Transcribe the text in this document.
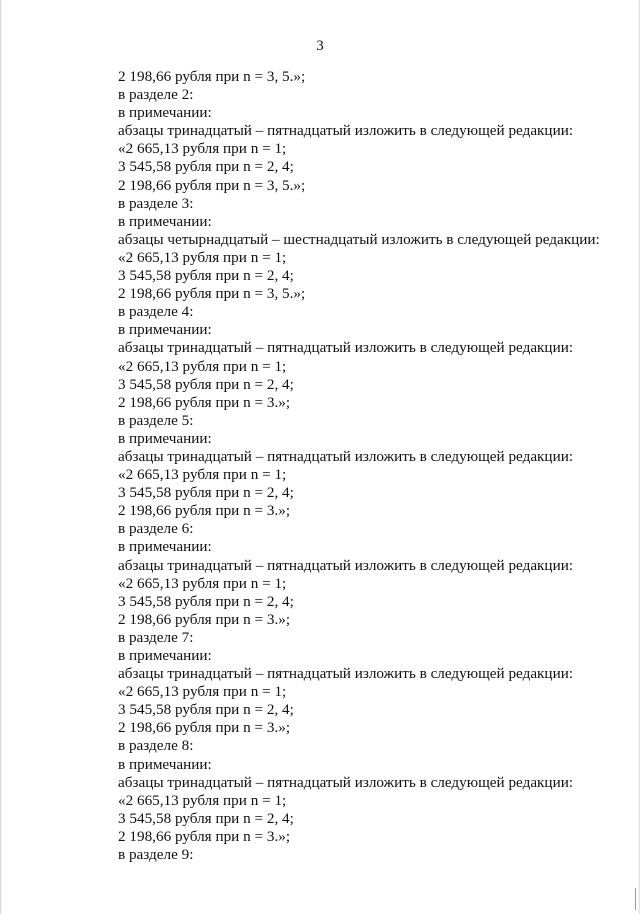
3
2 198,66 рубля при n = 3, 5.»;
в разделе 2:
в примечании:
абзацы тринадцатый – пятнадцатый изложить в следующей редакции:
«2 665,13 рубля при n = 1;
3 545,58 рубля при n = 2, 4;
2 198,66 рубля при n = 3, 5.»;
в разделе 3:
в примечании:
абзацы четырнадцатый – шестнадцатый изложить в следующей редакции:
«2 665,13 рубля при n = 1;
3 545,58 рубля при n = 2, 4;
2 198,66 рубля при n = 3, 5.»;
в разделе 4:
в примечании:
абзацы тринадцатый – пятнадцатый изложить в следующей редакции:
«2 665,13 рубля при n = 1;
3 545,58 рубля при n = 2, 4;
2 198,66 рубля при n = 3.»;
в разделе 5:
в примечании:
абзацы тринадцатый – пятнадцатый изложить в следующей редакции:
«2 665,13 рубля при n = 1;
3 545,58 рубля при n = 2, 4;
2 198,66 рубля при n = 3.»;
в разделе 6:
в примечании:
абзацы тринадцатый – пятнадцатый изложить в следующей редакции:
«2 665,13 рубля при n = 1;
3 545,58 рубля при n = 2, 4;
2 198,66 рубля при n = 3.»;
в разделе 7:
в примечании:
абзацы тринадцатый – пятнадцатый изложить в следующей редакции:
«2 665,13 рубля при n = 1;
3 545,58 рубля при n = 2, 4;
2 198,66 рубля при n = 3.»;
в разделе 8:
в примечании:
абзацы тринадцатый – пятнадцатый изложить в следующей редакции:
«2 665,13 рубля при n = 1;
3 545,58 рубля при n = 2, 4;
2 198,66 рубля при n = 3.»;
в разделе 9:
